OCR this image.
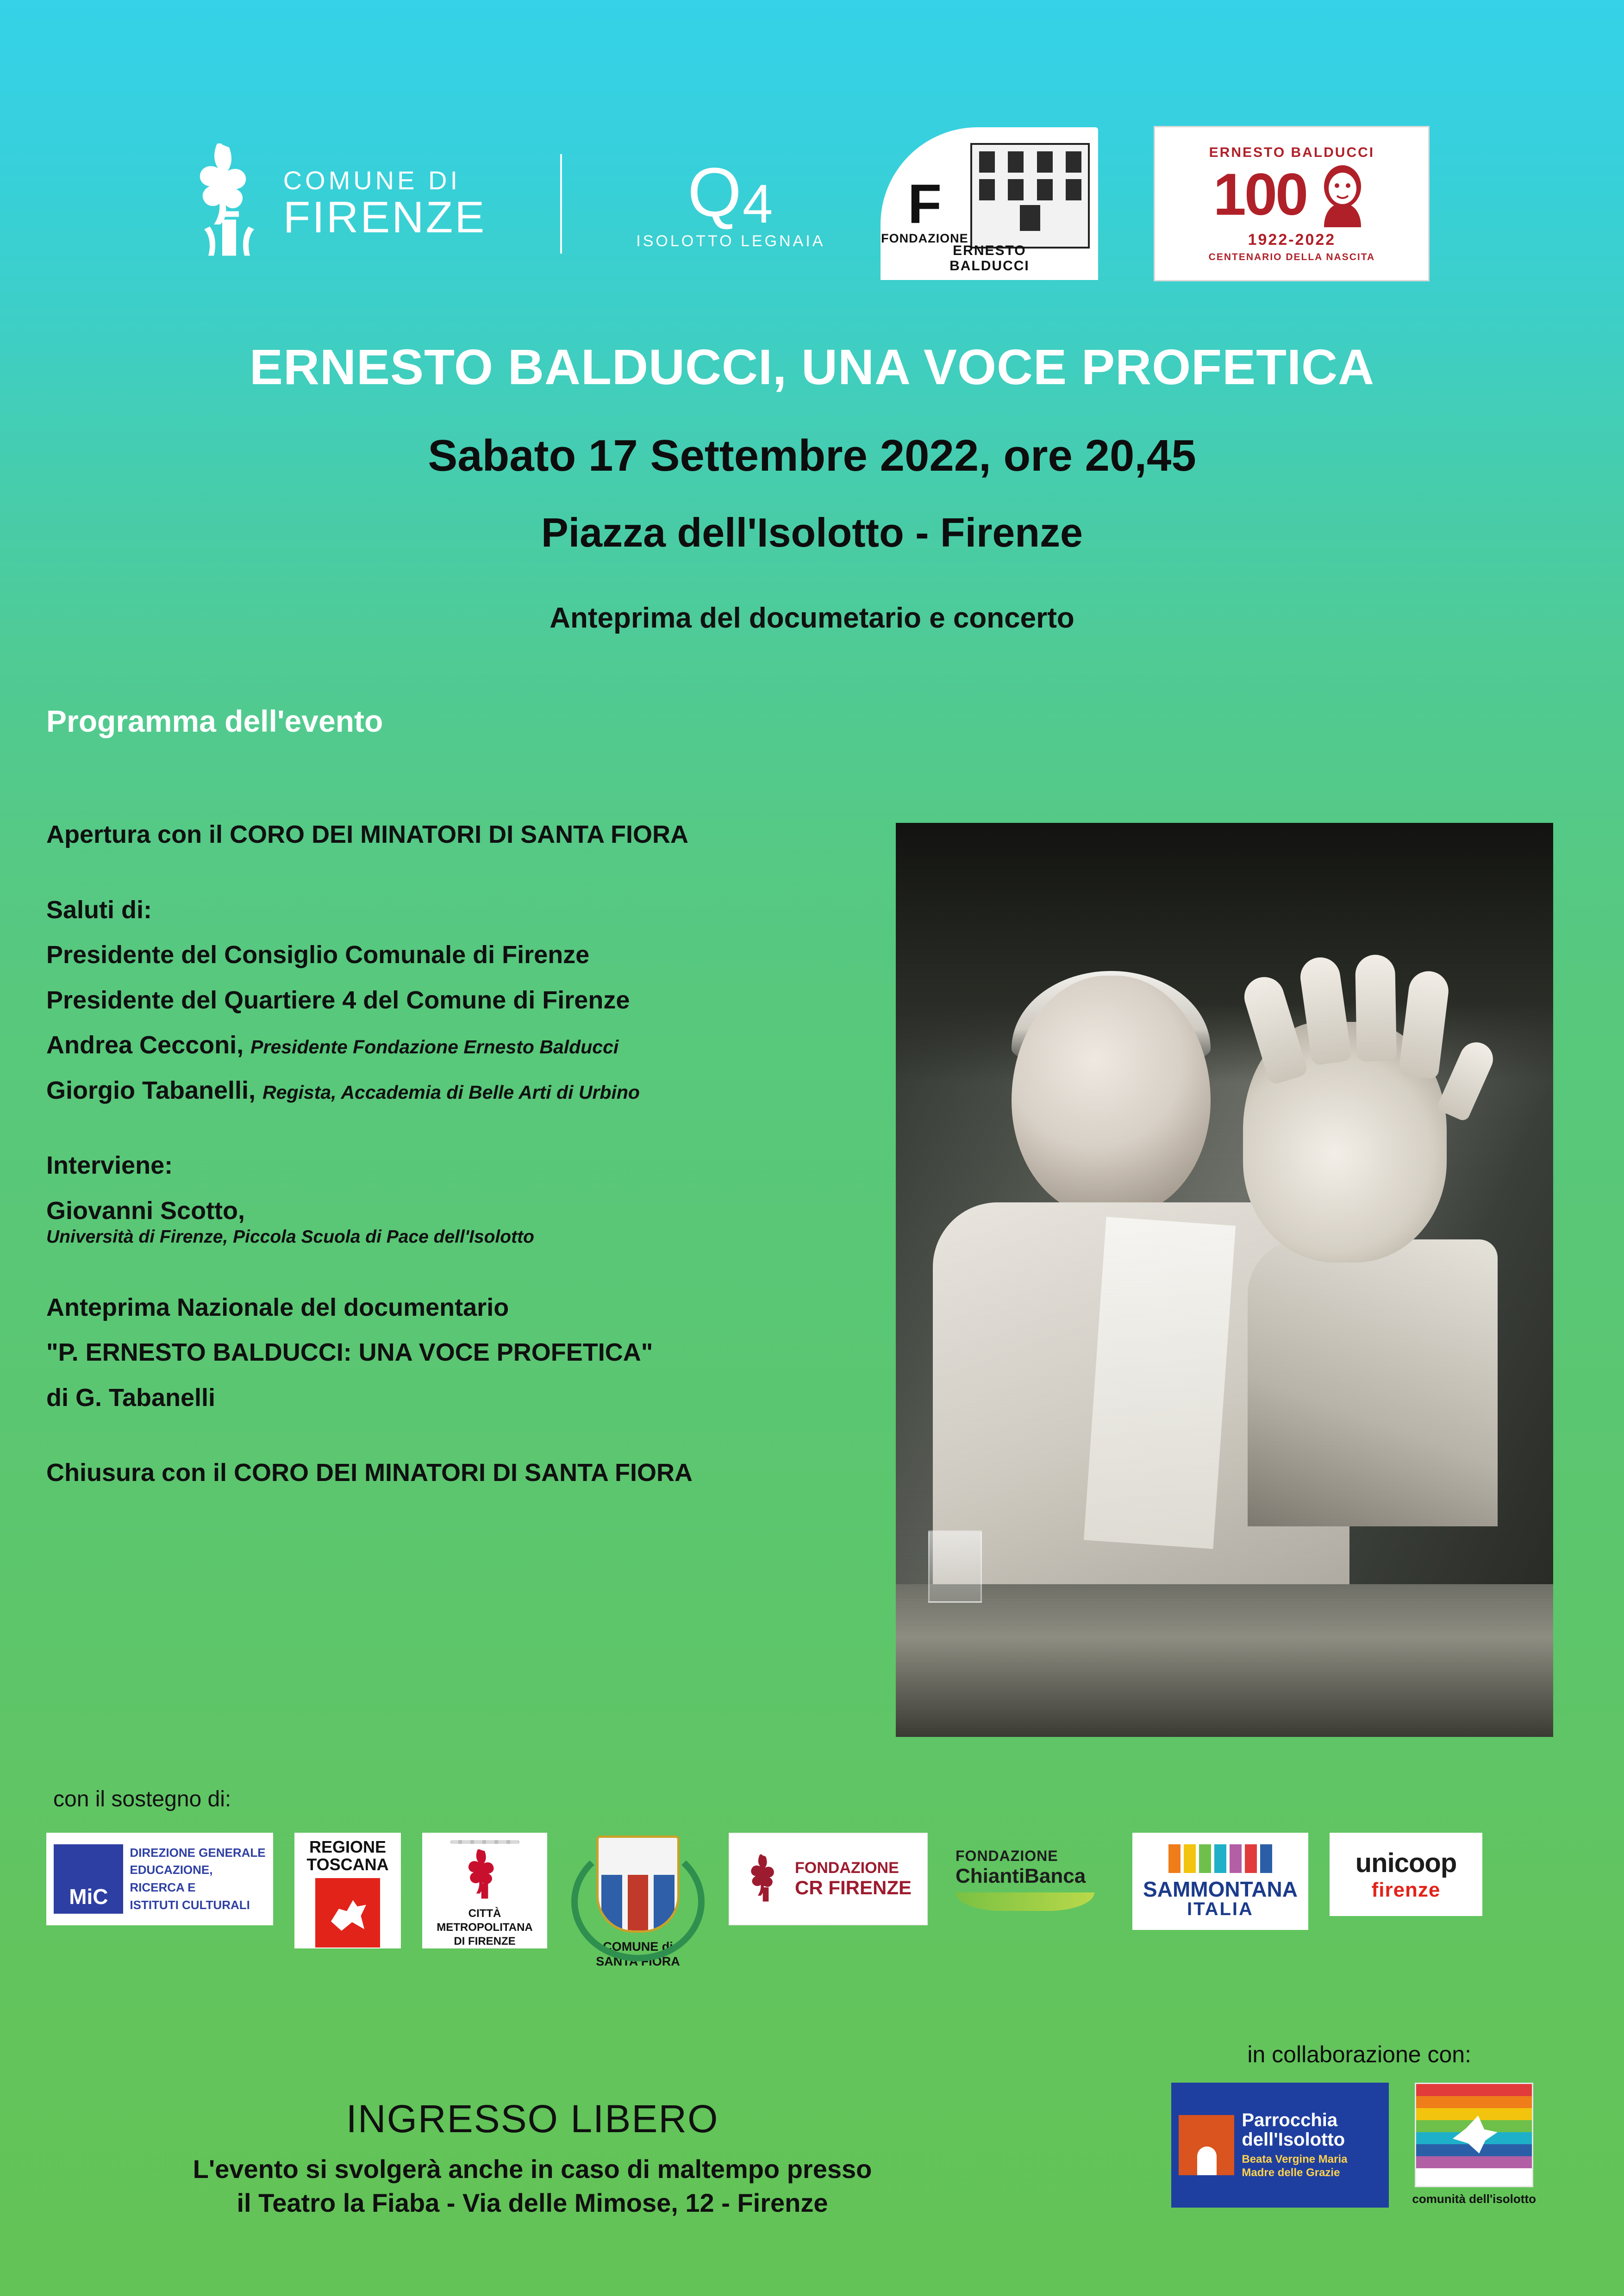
COMUNE DI
FIRENZE	$Q_4$
ISOLOTTO LEGNAIA
F
FONDAZIONE
ERNESTO
BALDUCCI
ERNESTO BALDUCCI
100
1922-2022
CENTENARIO DELLA NASCITA
ERNESTO BALDUCCI, UNA VOCE PROFETICA
Sabato 17 Settembre 2022, ore 20,45
Piazza dell'Isolotto - Firenze
Anteprima del documetario e concerto
Programma dell'evento
Apertura con il CORO DEI MINATORI DI SANTA FIORA
Saluti di:
Presidente del Consiglio Comunale di Firenze
Presidente del Quartiere 4 del Comune di Firenze
Andrea Cecconi, Presidente Fondazione Ernesto Balducci
Giorgio Tabanelli, Regista, Accademia di Belle Arti di Urbino
Interviene:
Giovanni Scotto,
Università di Firenze, Piccola Scuola di Pace dell'Isolotto
Anteprima Nazionale del documentario
"P. ERNESTO BALDUCCI: UNA VOCE PROFETICA"
di G. Tabanelli
Chiusura con il CORO DEI MINATORI DI SANTA FIORA
con il sostegno di:
MiC
DIREZIONE GENERALE
EDUCAZIONE,
RICERCA E
ISTITUTI CULTURALI
REGIONE
TOSCANA
CITTÀ METROPOLITANA
DI FIRENZE	COMUNE di
SANTA FIORA
FONDAZIONE
CR FIRENZE
FONDAZIONE
ChiantiBanca
SAMMONTANA
ITALIA
unicoop
firenze
in collaborazione con:
Parrocchia
dell'Isolotto
Beata Vergine Maria
Madre delle Grazie
comunità dell'isolotto
INGRESSO LIBERO
L'evento si svolgerà anche in caso di maltempo presso
il Teatro la Fiaba - Via delle Mimose, 12 - Firenze
